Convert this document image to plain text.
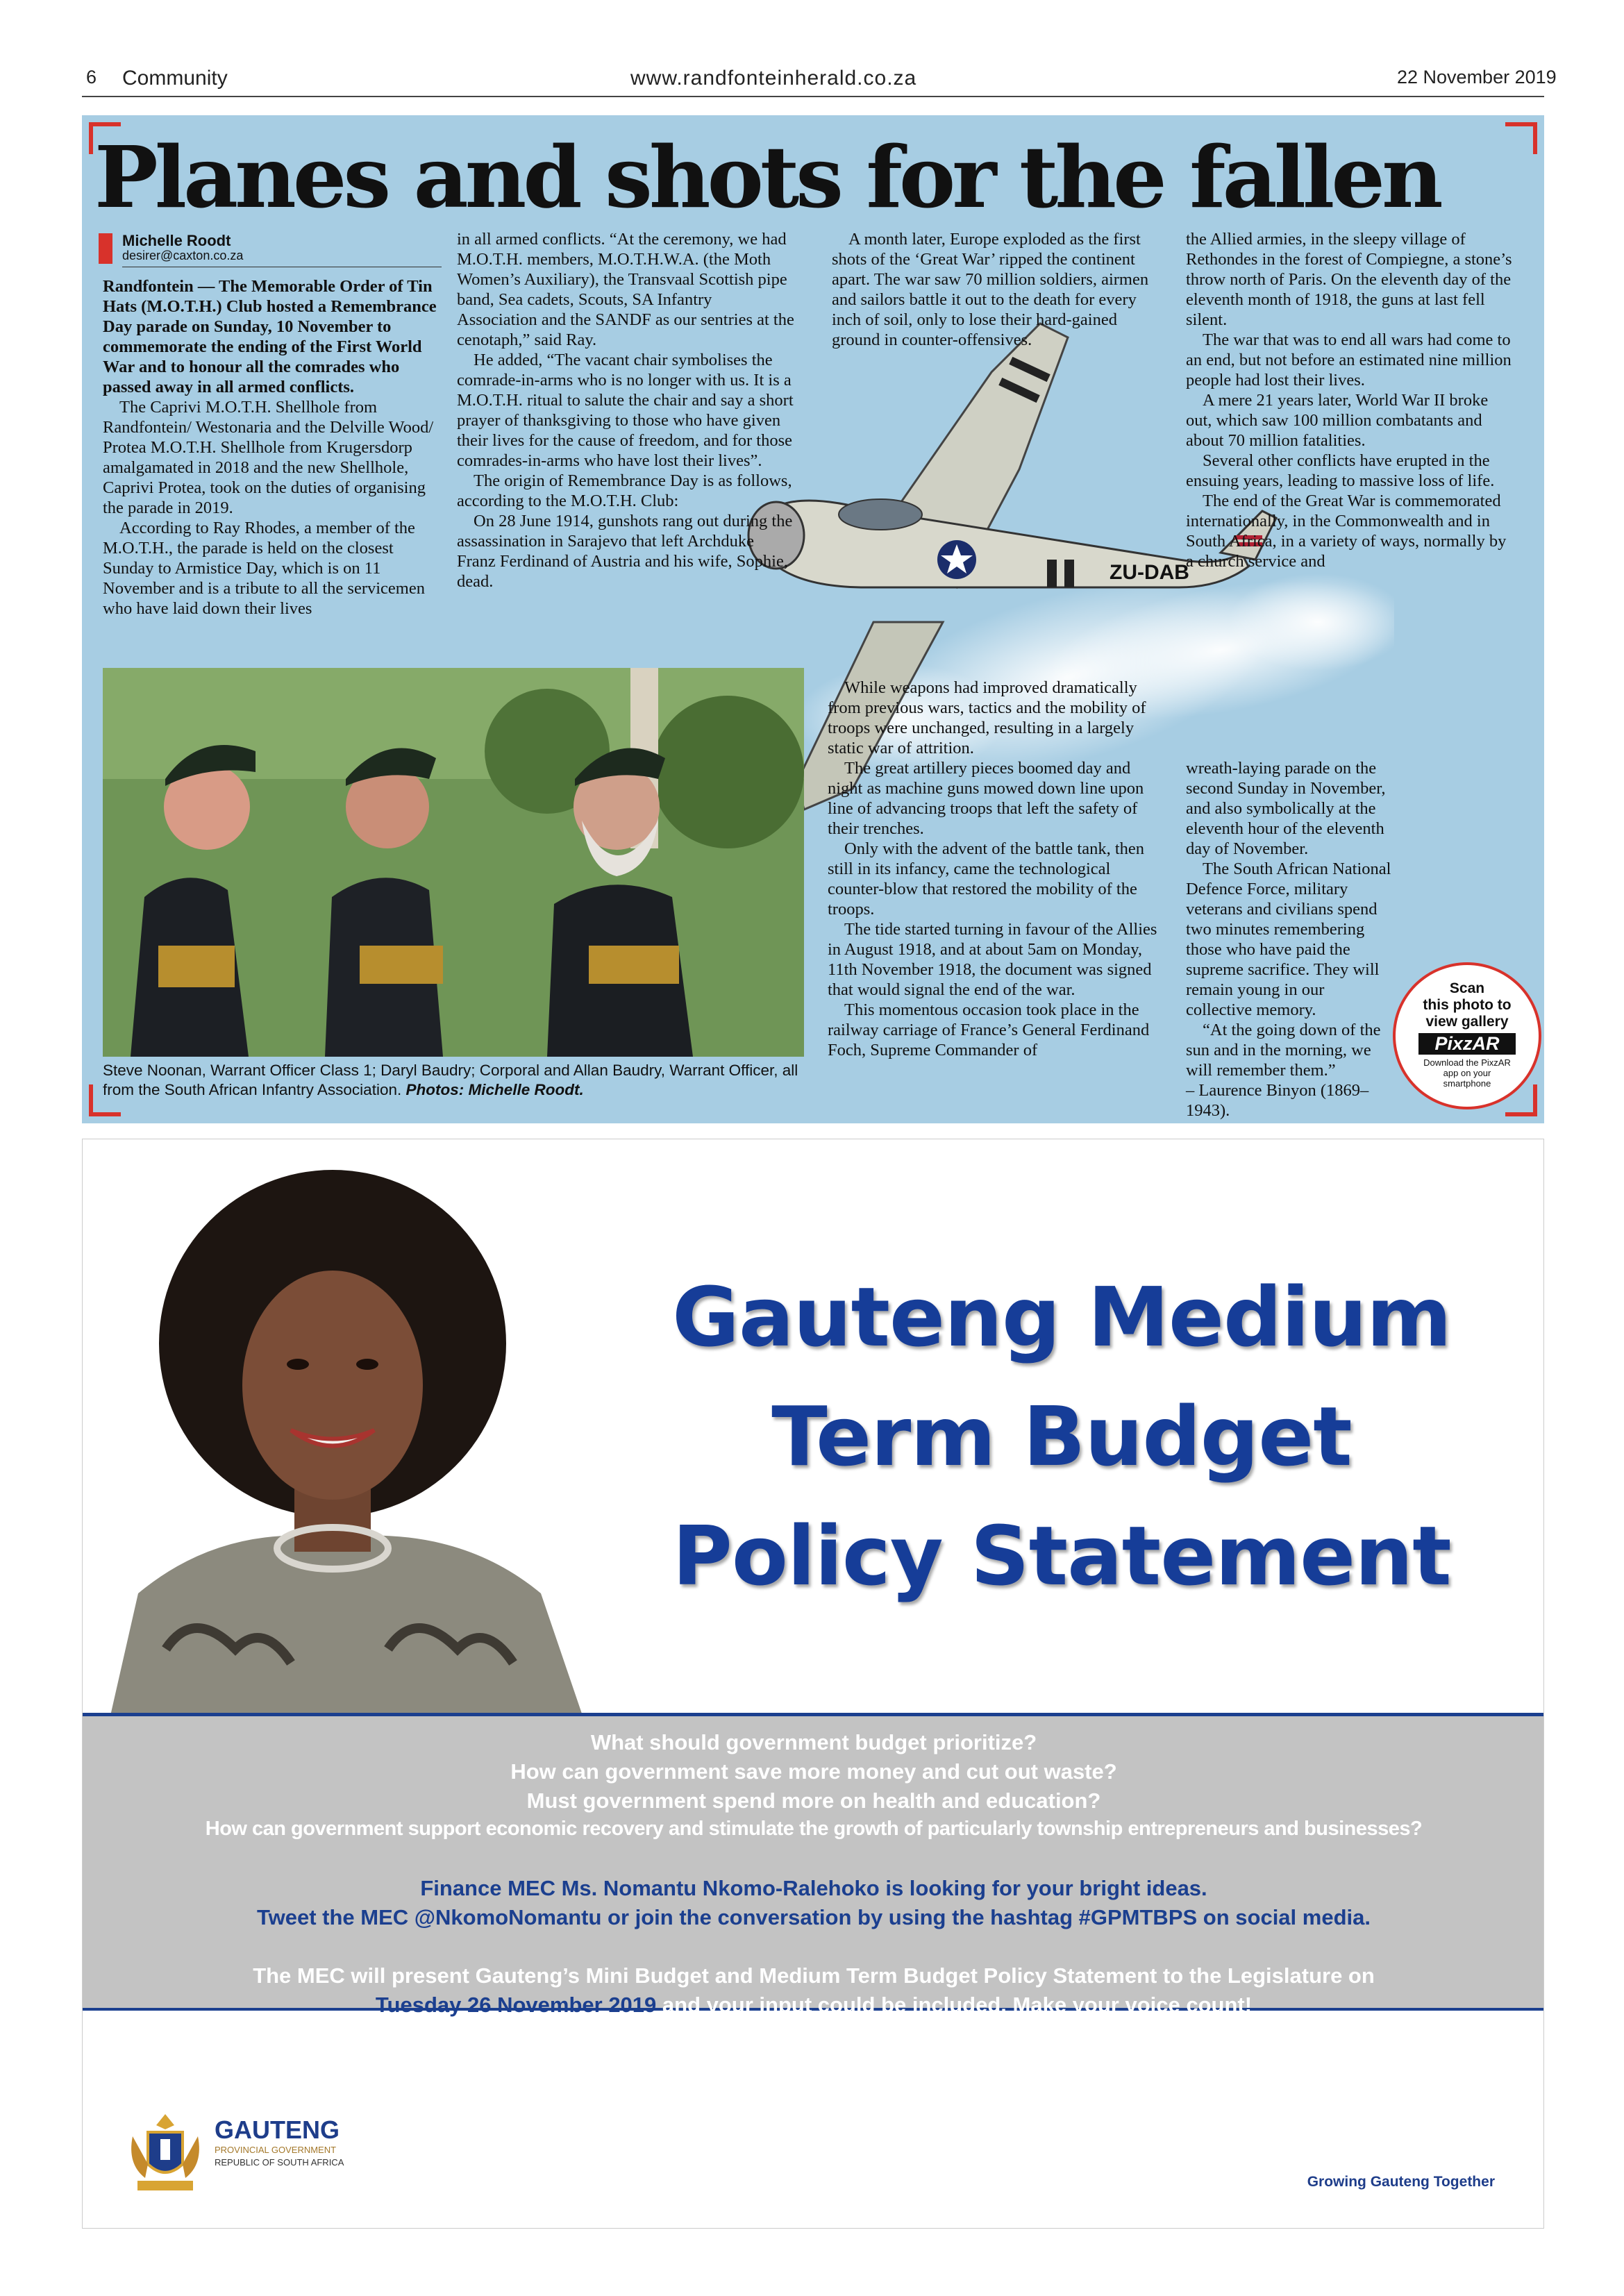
6 Community	www.randfonteinherald.co.za	22 November 2019
Planes and shots for the fallen
Michelle Roodt
desirer@caxton.co.za
ZU-DAB

Randfontein — The Memorable Order of Tin Hats (M.O.T.H.) Club hosted a Remembrance Day parade on Sunday, 10 November to commemorate the ending of the First World War and to honour all the comrades who passed away in all armed conflicts.

The Caprivi M.O.T.H. Shellhole from Randfontein/ Westonaria and the Delville Wood/ Protea M.O.T.H. Shellhole from Krugersdorp amalgamated in 2018 and the new Shellhole, Caprivi Protea, took on the duties of organising the parade in 2019.

According to Ray Rhodes, a member of the M.O.T.H., the parade is held on the closest Sunday to Armistice Day, which is on 11 November and is a tribute to all the servicemen who have laid down their lives

in all armed conflicts. “At the ceremony, we had M.O.T.H. members, M.O.T.H.W.A. (the Moth Women’s Auxiliary), the Transvaal Scottish pipe band, Sea cadets, Scouts, SA Infantry Association and the SANDF as our sentries at the cenotaph,” said Ray.

He added, “The vacant chair symbolises the comrade-in-arms who is no longer with us. It is a M.O.T.H. ritual to salute the chair and say a short prayer of thanksgiving to those who have given their lives for the cause of freedom, and for those comrades-in-arms who have lost their lives”.

The origin of Remembrance Day is as follows, according to the M.O.T.H. Club:

On 28 June 1914, gunshots rang out during the assassination in Sarajevo that left Archduke Franz Ferdinand of Austria and his wife, Sophie, dead.

A month later, Europe exploded as the first shots of the ‘Great War’ ripped the continent apart. The war saw 70 million soldiers, airmen and sailors battle it out to the death for every inch of soil, only to lose their hard-gained ground in counter-offensives.

While weapons had improved dramatically from previous wars, tactics and the mobility of troops were unchanged, resulting in a largely static war of attrition.

The great artillery pieces boomed day and night as machine guns mowed down line upon line of advancing troops that left the safety of their trenches.

Only with the advent of the battle tank, then still in its infancy, came the technological counter-blow that restored the mobility of the troops.

The tide started turning in favour of the Allies in August 1918, and at about 5am on Monday, 11th November 1918, the document was signed that would signal the end of the war.

This momentous occasion took place in the railway carriage of France’s General Ferdinand Foch, Supreme Commander of

the Allied armies, in the sleepy village of Rethondes in the forest of Compiegne, a stone’s throw north of Paris. On the eleventh day of the eleventh month of 1918, the guns at last fell silent.

The war that was to end all wars had come to an end, but not before an estimated nine million people had lost their lives.

A mere 21 years later, World War II broke out, which saw 100 million combatants and about 70 million fatalities.

Several other conflicts have erupted in the ensuing years, leading to massive loss of life.

The end of the Great War is commemorated internationally, in the Commonwealth and in South Africa, in a variety of ways, normally by a church service and

wreath-laying parade on the second Sunday in November, and also symbolically at the eleventh hour of the eleventh day of November.

The South African National Defence Force, military veterans and civilians spend two minutes remembering those who have paid the supreme sacrifice. They will remain young in our collective memory.

“At the going down of the sun and in the morning, we will remember them.”

– Laurence Binyon (1869–1943).

Steve Noonan, Warrant Officer Class 1; Daryl Baudry; Corporal and Allan Baudry, Warrant Officer, all from the South African Infantry Association. Photos: Michelle Roodt.
Scan
this photo to
view gallery
PixzAR
Download the PixzAR
app on your
smartphone
Gauteng Medium
Term Budget
Policy Statement
What should government budget prioritize?
How can government save more money and cut out waste?
Must government spend more on health and education?
How can government support economic recovery and stimulate the growth of particularly township entrepreneurs and businesses?
Finance MEC Ms. Nomantu Nkomo-Ralehoko is looking for your bright ideas.
Tweet the MEC @NkomoNomantu or join the conversation by using the hashtag #GPMTBPS on social media.
The MEC will present Gauteng’s Mini Budget and Medium Term Budget Policy Statement to the Legislature on
Tuesday 26 November 2019 and your input could be included. Make your voice count!
GAUTENG
PROVINCIAL GOVERNMENT
REPUBLIC OF SOUTH AFRICA
Growing Gauteng Together
